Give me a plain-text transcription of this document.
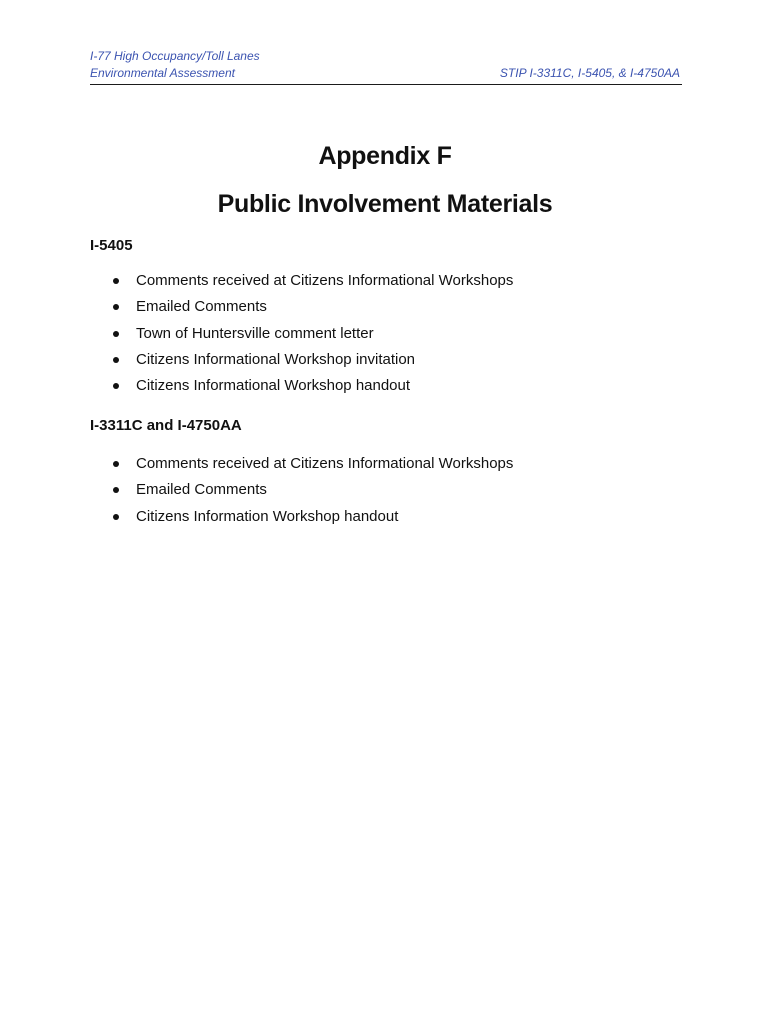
I-77 High Occupancy/Toll Lanes
Environmental Assessment	STIP I-3311C, I-5405, & I-4750AA
Appendix F
Public Involvement Materials
I-5405
Comments received at Citizens Informational Workshops
Emailed Comments
Town of Huntersville comment letter
Citizens Informational Workshop invitation
Citizens Informational Workshop handout
I-3311C and I-4750AA
Comments received at Citizens Informational Workshops
Emailed Comments
Citizens Information Workshop handout
